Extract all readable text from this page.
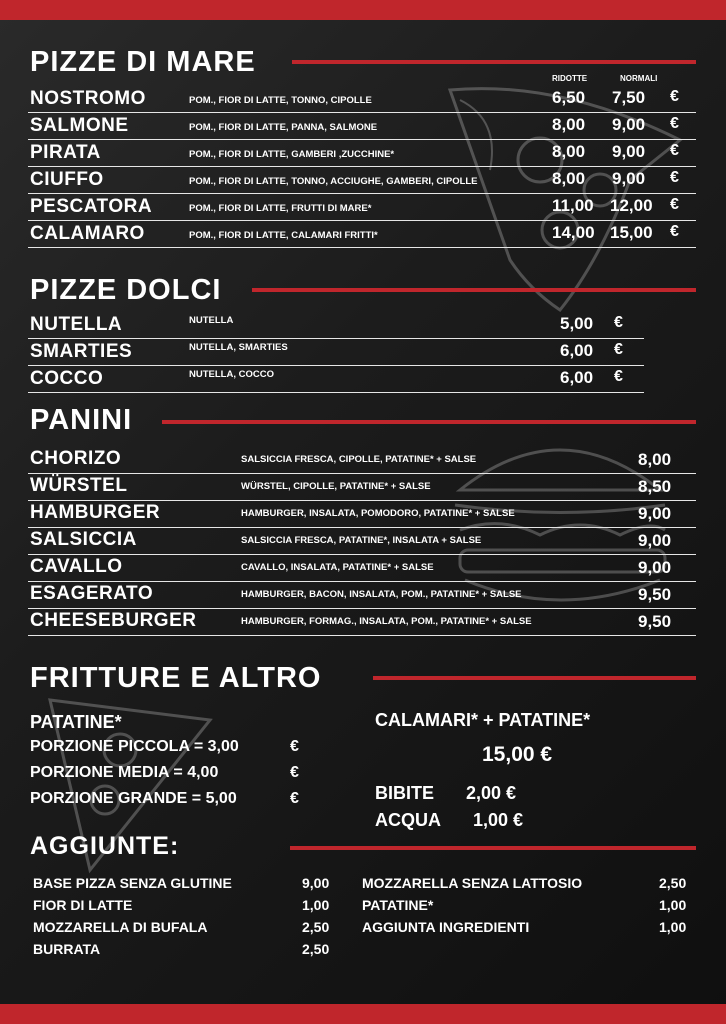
PIZZE DI MARE
RIDOTTE	NORMALI
NOSTROMO	POM., FIOR DI LATTE, TONNO, CIPOLLE	6,50 7,50 €
SALMONE	POM., FIOR DI LATTE, PANNA, SALMONE	8,00 9,00 €
PIRATA	POM., FIOR DI LATTE, GAMBERI ,ZUCCHINE*	8,00 9,00 €
CIUFFO	POM., FIOR DI LATTE, TONNO, ACCIUGHE, GAMBERI, CIPOLLE	8,00 9,00 €
PESCATORA	POM., FIOR DI LATTE, FRUTTI DI MARE*	11,00 12,00 €
CALAMARO	POM., FIOR DI LATTE, CALAMARI FRITTI*	14,00 15,00 €
PIZZE DOLCI
NUTELLA	NUTELLA	5,00 €
SMARTIES	NUTELLA, SMARTIES	6,00 €
COCCO	NUTELLA, COCCO	6,00 €
PANINI
CHORIZO	SALSICCIA FRESCA, CIPOLLE, PATATINE* + SALSE	8,00
WÜRSTEL	WÜRSTEL, CIPOLLE, PATATINE* + SALSE	8,50
HAMBURGER	HAMBURGER, INSALATA, POMODORO, PATATINE* + SALSE	9,00
SALSICCIA	SALSICCIA FRESCA, PATATINE*, INSALATA + SALSE	9,00
CAVALLO	CAVALLO, INSALATA, PATATINE* + SALSE	9,00
ESAGERATO	HAMBURGER, BACON, INSALATA, POM., PATATINE* + SALSE	9,50
CHEESEBURGER	HAMBURGER, FORMAG., INSALATA, POM., PATATINE* + SALSE	9,50
FRITTURE E ALTRO
PATATINE*
PORZIONE PICCOLA = 3,00	€
PORZIONE MEDIA = 4,00	€
PORZIONE GRANDE = 5,00	€
CALAMARI* + PATATINE*
15,00 €
BIBITE 2,00 €
ACQUA 1,00 €
AGGIUNTE:
BASE PIZZA SENZA GLUTINE	9,00
FIOR DI LATTE	1,00
MOZZARELLA DI BUFALA	2,50
BURRATA	2,50
MOZZARELLA SENZA LATTOSIO	2,50
PATATINE*	1,00
AGGIUNTA INGREDIENTI	1,00
